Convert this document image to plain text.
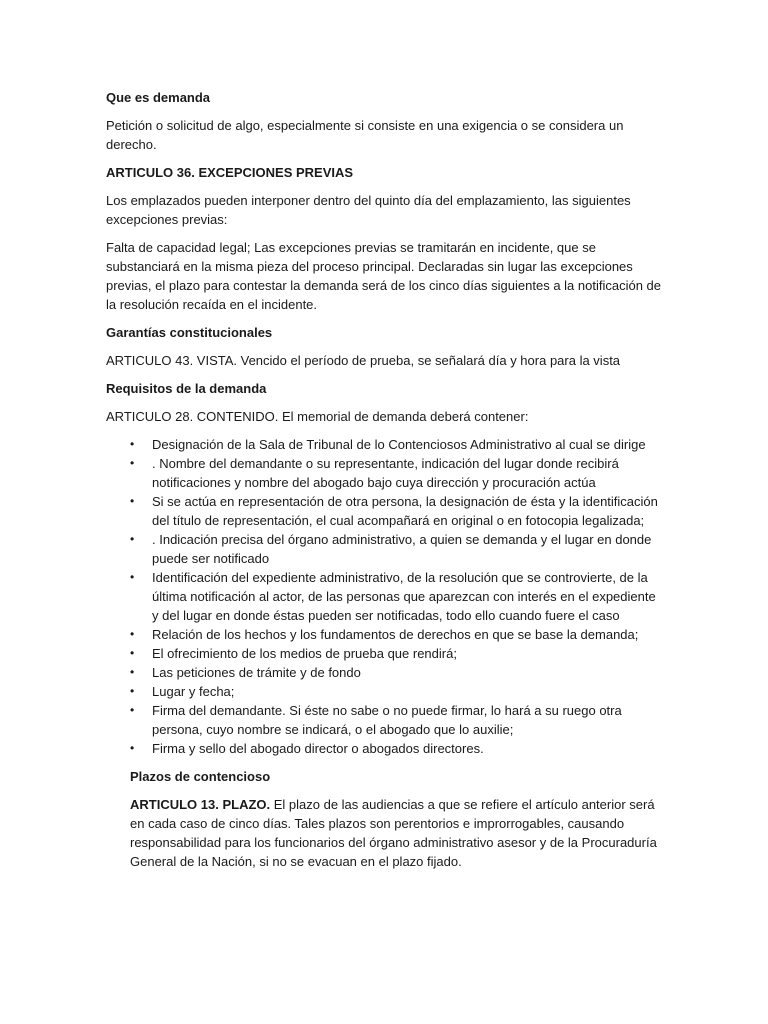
Que es demanda

Petición o solicitud de algo, especialmente si consiste en una exigencia o se considera un derecho.

ARTICULO 36. EXCEPCIONES PREVIAS

Los emplazados pueden interponer dentro del quinto día del emplazamiento, las siguientes excepciones previas:

Falta de capacidad legal; Las excepciones previas se tramitarán en incidente, que se substanciará en la misma pieza del proceso principal. Declaradas sin lugar las excepciones previas, el plazo para contestar la demanda será de los cinco días siguientes a la notificación de la resolución recaída en el incidente.

Garantías constitucionales

ARTICULO 43. VISTA. Vencido el período de prueba, se señalará día y hora para la vista

Requisitos de la demanda

ARTICULO 28. CONTENIDO. El memorial de demanda deberá contener:

• Designación de la Sala de Tribunal de lo Contenciosos Administrativo al cual se dirige
• . Nombre del demandante o su representante, indicación del lugar donde recibirá notificaciones y nombre del abogado bajo cuya dirección y procuración actúa
• Si se actúa en representación de otra persona, la designación de ésta y la identificación del título de representación, el cual acompañará en original o en fotocopia legalizada;
• . Indicación precisa del órgano administrativo, a quien se demanda y el lugar en donde puede ser notificado
• Identificación del expediente administrativo, de la resolución que se controvierte, de la última notificación al actor, de las personas que aparezcan con interés en el expediente y del lugar en donde éstas pueden ser notificadas, todo ello cuando fuere el caso
• Relación de los hechos y los fundamentos de derechos en que se base la demanda;
• El ofrecimiento de los medios de prueba que rendirá;
• Las peticiones de trámite y de fondo
• Lugar y fecha;
• Firma del demandante. Si éste no sabe o no puede firmar, lo hará a su ruego otra persona, cuyo nombre se indicará, o el abogado que lo auxilie;
• Firma y sello del abogado director o abogados directores.

Plazos de contencioso

ARTICULO 13. PLAZO. El plazo de las audiencias a que se refiere el artículo anterior será en cada caso de cinco días. Tales plazos son perentorios e improrrogables, causando responsabilidad para los funcionarios del órgano administrativo asesor y de la Procuraduría General de la Nación, si no se evacuan en el plazo fijado.
